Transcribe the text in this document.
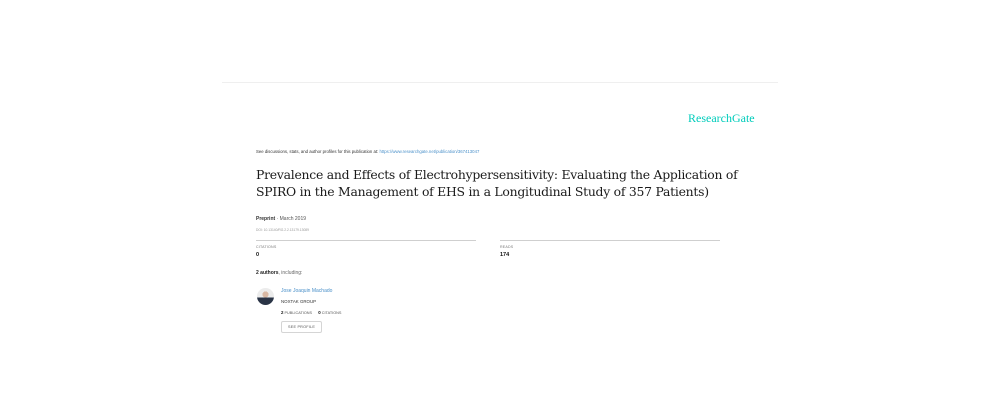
ResearchGate
See discussions, stats, and author profiles for this publication at: https://www.researchgate.net/publication/367413047
Prevalence and Effects of Electrohypersensitivity: Evaluating the Application of SPIRO in the Management of EHS in a Longitudinal Study of 357 Patients)
Preprint · March 2019
DOI: 10.13140/RG.2.2.13179.13089
CITATIONS
0
READS
174
2 authors, including:
Jose Joaquin Machado
NOXTAK GROUP
2 PUBLICATIONS 0 CITATIONS
SEE PROFILE
